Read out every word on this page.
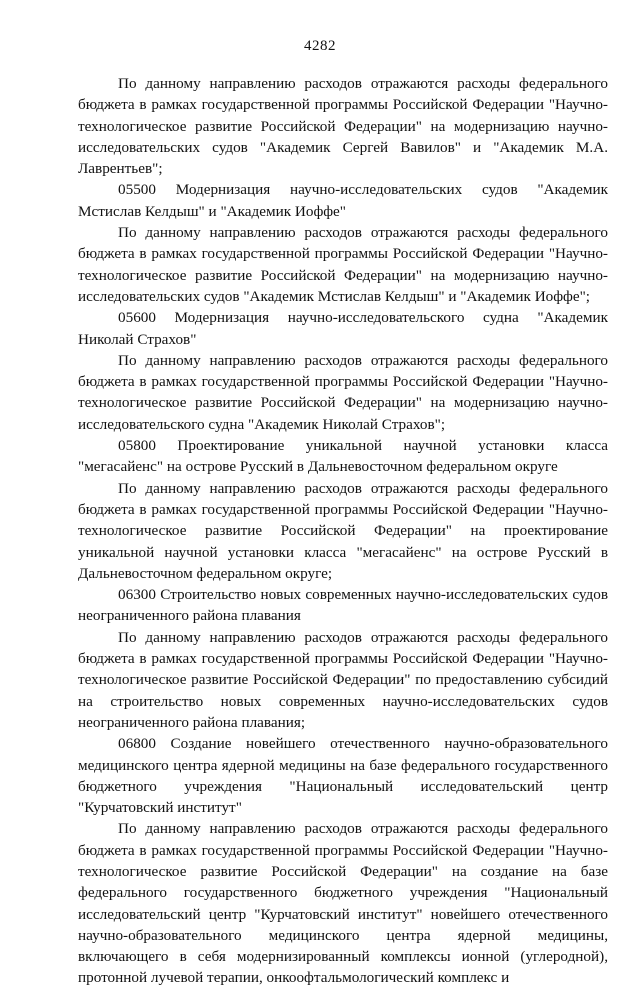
4282

По данному направлению расходов отражаются расходы федерального бюджета в рамках государственной программы Российской Федерации "Научно-технологическое развитие Российской Федерации" на модернизацию научно-исследовательских судов "Академик Сергей Вавилов" и "Академик М.А. Лаврентьев";

05500 Модернизация научно-исследовательских судов "Академик Мстислав Келдыш" и "Академик Иоффе"

По данному направлению расходов отражаются расходы федерального бюджета в рамках государственной программы Российской Федерации "Научно-технологическое развитие Российской Федерации" на модернизацию научно-исследовательских судов "Академик Мстислав Келдыш" и "Академик Иоффе";

05600 Модернизация научно-исследовательского судна "Академик Николай Страхов"

По данному направлению расходов отражаются расходы федерального бюджета в рамках государственной программы Российской Федерации "Научно-технологическое развитие Российской Федерации" на модернизацию научно-исследовательского судна "Академик Николай Страхов";

05800 Проектирование уникальной научной установки класса "мегасайенс" на острове Русский в Дальневосточном федеральном округе

По данному направлению расходов отражаются расходы федерального бюджета в рамках государственной программы Российской Федерации "Научно-технологическое развитие Российской Федерации" на проектирование уникальной научной установки класса "мегасайенс" на острове Русский в Дальневосточном федеральном округе;

06300 Строительство новых современных научно-исследовательских судов неограниченного района плавания

По данному направлению расходов отражаются расходы федерального бюджета в рамках государственной программы Российской Федерации "Научно-технологическое развитие Российской Федерации" по предоставлению субсидий на строительство новых современных научно-исследовательских судов неограниченного района плавания;

06800 Создание новейшего отечественного научно-образовательного медицинского центра ядерной медицины на базе федерального государственного бюджетного учреждения "Национальный исследовательский центр "Курчатовский институт"

По данному направлению расходов отражаются расходы федерального бюджета в рамках государственной программы Российской Федерации "Научно-технологическое развитие Российской Федерации" на создание на базе федерального государственного бюджетного учреждения "Национальный исследовательский центр "Курчатовский институт" новейшего отечественного научно-образовательного медицинского центра ядерной медицины, включающего в себя модернизированный комплексы ионной (углеродной), протонной лучевой терапии, онкоофтальмологический комплекс и
